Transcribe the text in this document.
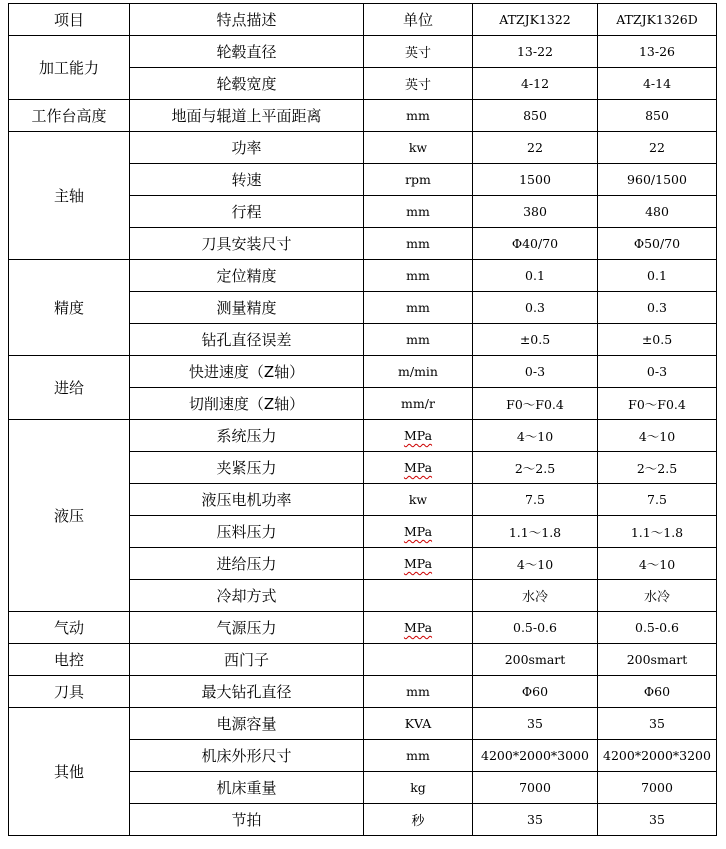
项目	特点描述	单位	ATZJK1322	ATZJK1326D
加工能力	轮毂直径	英寸	13-22	13-26
	轮毂宽度	英寸	4-12	4-14
工作台高度	地面与辊道上平面距离	mm	850	850
主轴	功率	kw	22	22
	转速	rpm	1500	960/1500
	行程	mm	380	480
	刀具安装尺寸	mm	Φ40/70	Φ50/70
精度	定位精度	mm	0.1	0.1
	测量精度	mm	0.3	0.3
	钻孔直径误差	mm	±0.5	±0.5
进给	快进速度（Z轴）	m/min	0-3	0-3
	切削速度（Z轴）	mm/r	F0～F0.4	F0～F0.4
液压	系统压力	MPa	4～10	4～10
	夹紧压力	MPa	2～2.5	2～2.5
	液压电机功率	kw	7.5	7.5
	压料压力	MPa	1.1～1.8	1.1～1.8
	进给压力	MPa	4～10	4～10
	冷却方式		水冷	水冷
气动	气源压力	MPa	0.5-0.6	0.5-0.6
电控	西门子		200smart	200smart
刀具	最大钻孔直径	mm	Φ60	Φ60
其他	电源容量	KVA	35	35
	机床外形尺寸	mm	4200*2000*3000	4200*2000*3200
	机床重量	kg	7000	7000
	节拍	秒	35	35
